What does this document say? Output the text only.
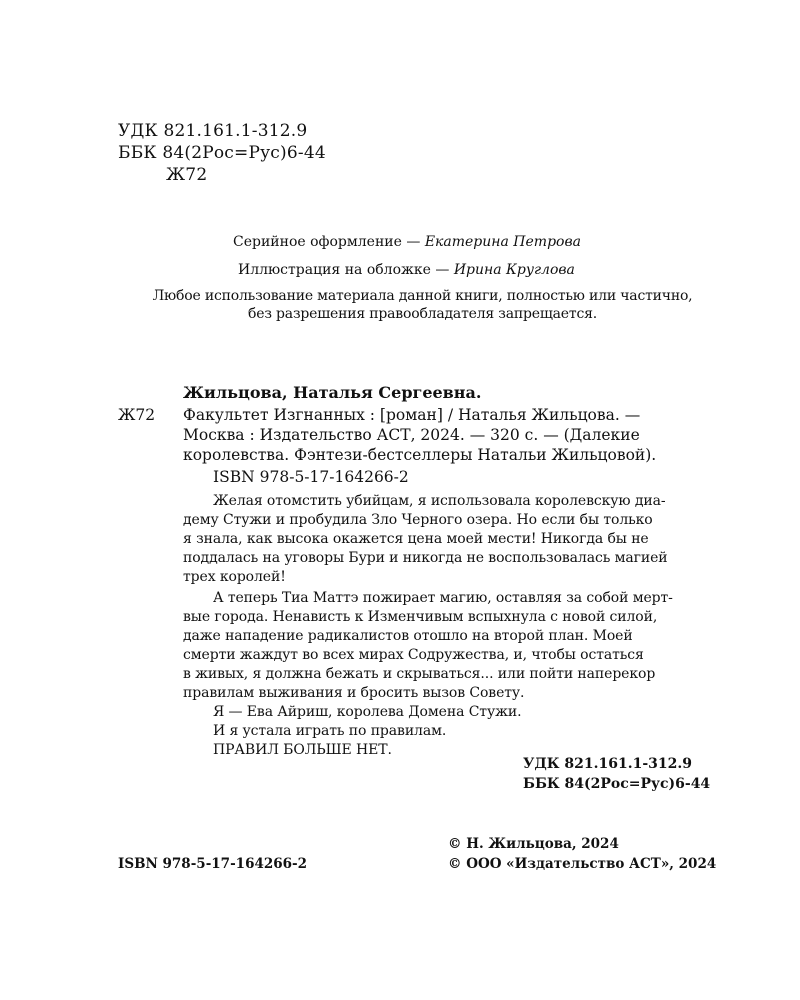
УДК 821.161.1-312.9
ББК 84(2Рос=Рус)6-44
Ж72
Серийное оформление — Екатерина Петрова
Иллюстрация на обложке — Ирина Круглова
Любое использование материала данной книги, полностью или частично, без разрешения правообладателя запрещается.
Жильцова, Наталья Сергеевна.
Ж72 Факультет Изгнанных : [роман] / Наталья Жильцова. —
Москва : Издательство АСТ, 2024. — 320 с. — (Далекие
королевства. Фэнтези-бестселлеры Натальи Жильцовой).
ISBN 978-5-17-164266-2
Желая отомстить убийцам, я использовала королевскую диа-
дему Стужи и пробудила Зло Черного озера. Но если бы только
я знала, как высока окажется цена моей мести! Никогда бы не
поддалась на уговоры Бури и никогда не воспользовалась магией
трех королей!
А теперь Тиа Маттэ пожирает магию, оставляя за собой мерт-
вые города. Ненависть к Изменчивым вспыхнула с новой силой,
даже нападение радикалистов отошло на второй план. Моей
смерти жаждут во всех мирах Содружества, и, чтобы остаться
в живых, я должна бежать и скрываться... или пойти наперекор
правилам выживания и бросить вызов Совету.
Я — Ева Айриш, королева Домена Стужи.
И я устала играть по правилам.
ПРАВИЛ БОЛЬШЕ НЕТ.
УДК 821.161.1-312.9
ББК 84(2Рос=Рус)6-44
ISBN 978-5-17-164266-2
© Н. Жильцова, 2024
© ООО «Издательство АСТ», 2024
